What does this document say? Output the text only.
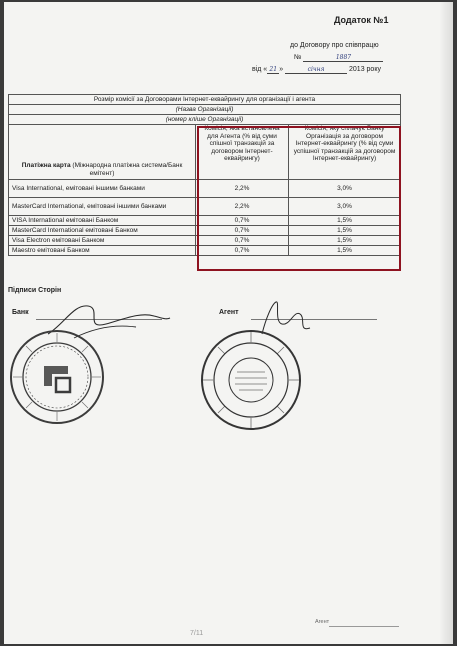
Додаток №1
до Договору про співпрацю
№	1887
від « 21 »	січня	2013 року
Розмір комісії за Договорами Інтернет-еквайрингу для організації і агента		
(Назва Організації)		
(номер кліше Організації)		
Платіжна карта (Міжнародна платіжна система/Банк емітент)	Комісія, яка встановлена для Агента (% від суми спішної транзакцій за договором Інтернет-еквайрингу)	Комісія, яку сплачує Банку Організація за договором Інтернет-еквайрингу (% від суми успішної транзакцій за договором Інтернет-еквайрингу)
Visa International, емітовані іншими банками	2,2%	3,0%
MasterCard International, емітовані іншими банками	2,2%	3,0%
VISA International емітовані Банком	0,7%	1,5%
MasterCard International емітовані Банком	0,7%	1,5%
Visa Electron емітовані Банком	0,7%	1,5%
Maestro емітовані Банком	0,7%	1,5%
Підписи Сторін
Банк	Агент
Агент
7/11
